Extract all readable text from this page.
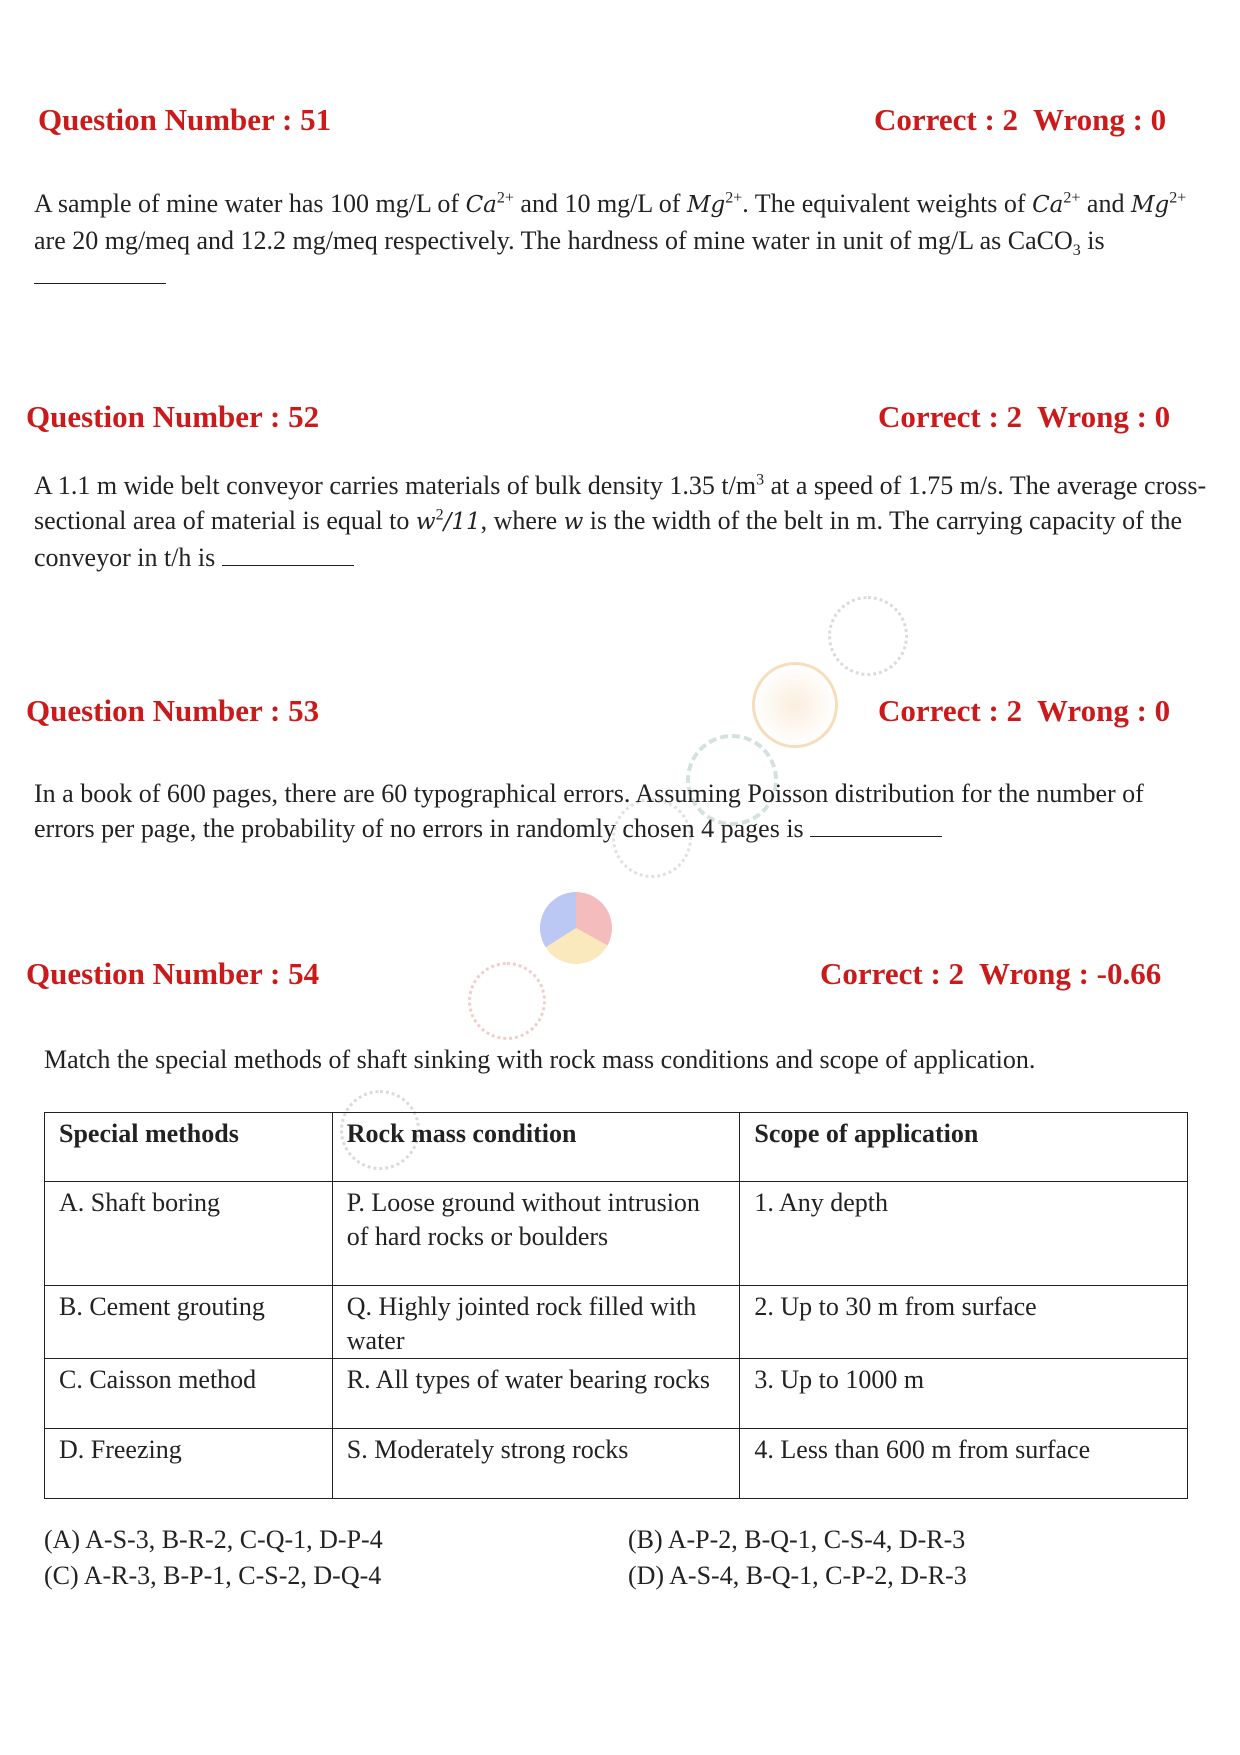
Question Number : 51	Correct : 2  Wrong : 0
A sample of mine water has 100 mg/L of $Ca^{2+}$ and 10 mg/L of $Mg^{2+}$. The equivalent weights of $Ca^{2+}$ and $Mg^{2+}$ are 20 mg/meq and 12.2 mg/meq respectively. The hardness of mine water in unit of mg/L as CaCO$_3$ is
Question Number : 52	Correct : 2  Wrong : 0
A 1.1 m wide belt conveyor carries materials of bulk density 1.35 $t/m^3$ at a speed of 1.75 m/s. The average cross-sectional area of material is equal to $w^2/11$, where w is the width of the belt in m. The carrying capacity of the conveyor in t/h is
Question Number : 53	Correct : 2  Wrong : 0
In a book of 600 pages, there are 60 typographical errors. Assuming Poisson distribution for the number of errors per page, the probability of no errors in randomly chosen 4 pages is
Question Number : 54	Correct : 2  Wrong : -0.66
Match the special methods of shaft sinking with rock mass conditions and scope of application.
Special methods	Rock mass condition	Scope of application
A. Shaft boring	P. Loose ground without intrusion of hard rocks or boulders	1. Any depth
B. Cement grouting	Q. Highly jointed rock filled with water	2. Up to 30 m from surface
C. Caisson method	R. All types of water bearing rocks	3. Up to 1000 m
D. Freezing	S. Moderately strong rocks	4. Less than 600 m from surface
(A) A-S-3, B-R-2, C-Q-1, D-P-4	(B) A-P-2, B-Q-1, C-S-4, D-R-3
(C) A-R-3, B-P-1, C-S-2, D-Q-4	(D) A-S-4, B-Q-1, C-P-2, D-R-3
